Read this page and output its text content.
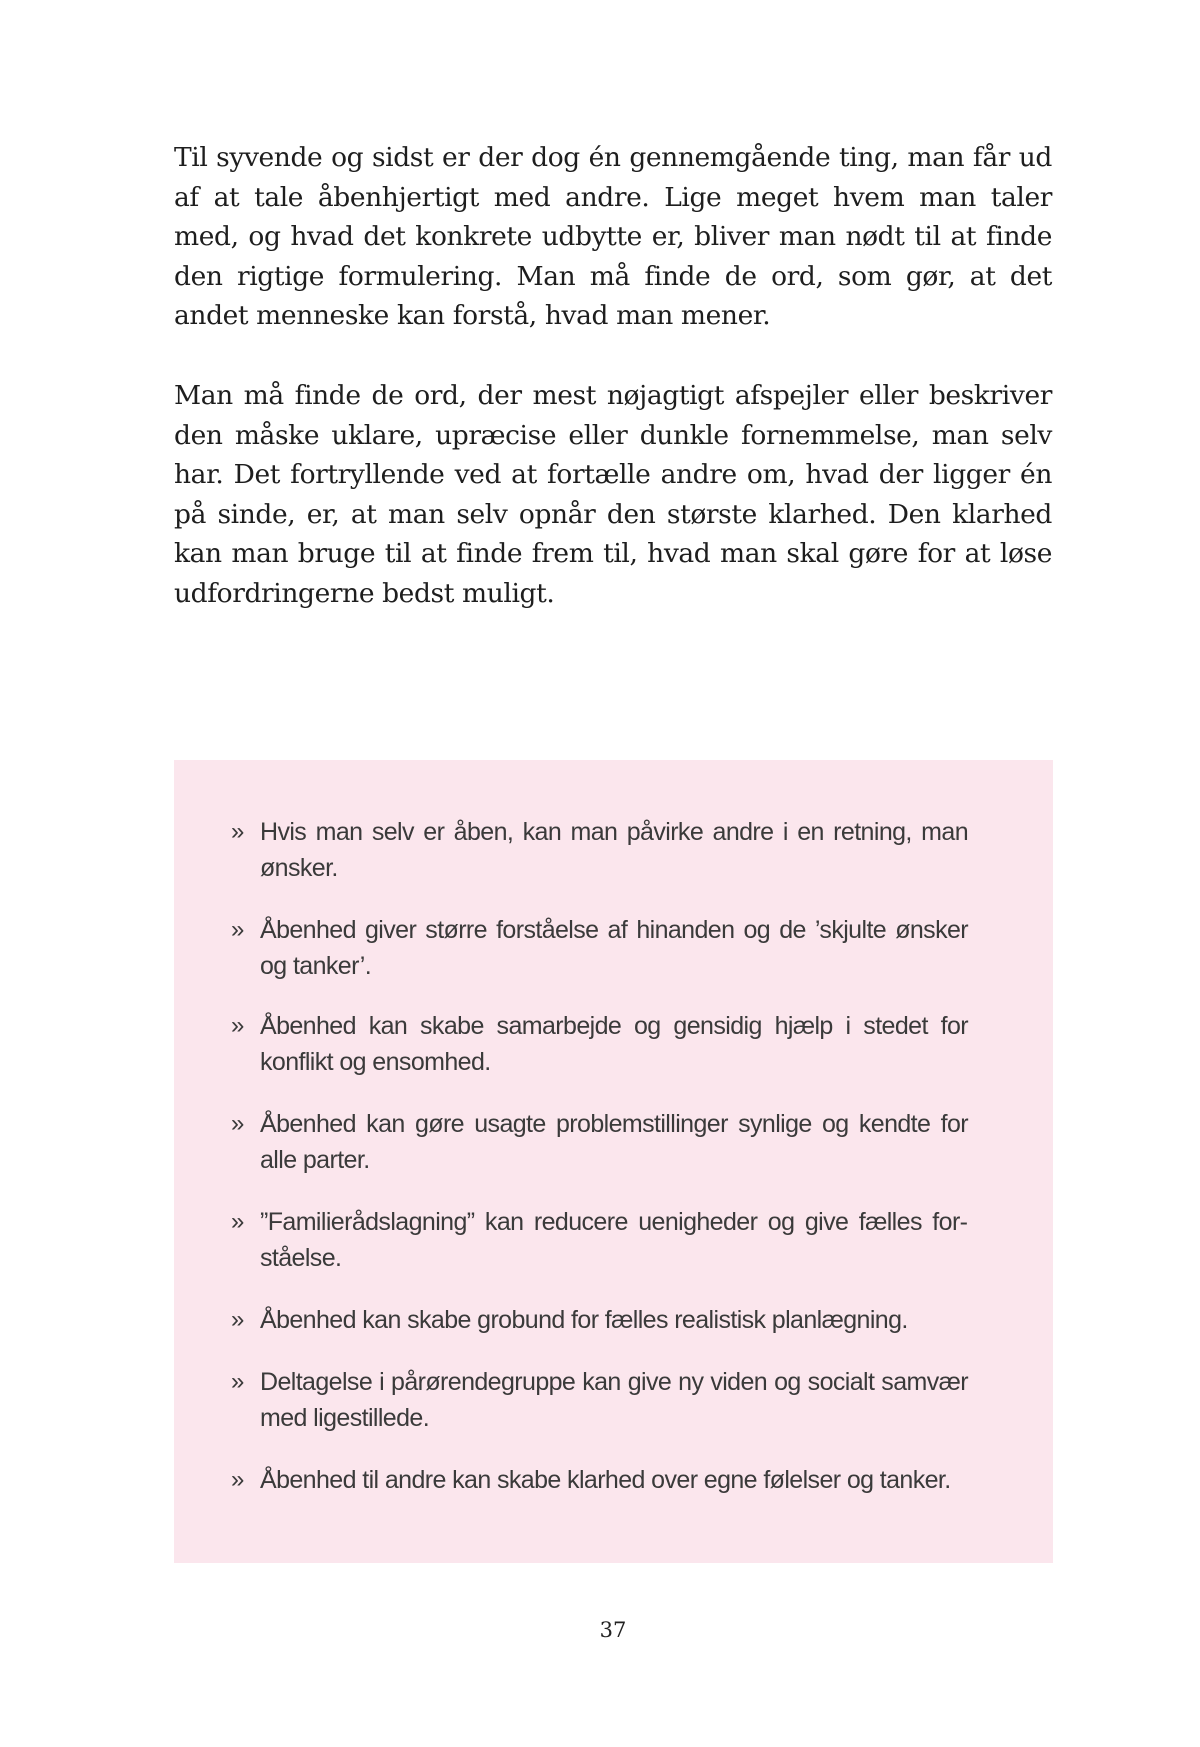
Til syvende og sidst er der dog én gennemgående ting, man får ud af at tale åbenhjertigt med andre. Lige meget hvem man taler med, og hvad det konkrete udbytte er, bliver man nødt til at finde den rigtige formulering. Man må finde de ord, som gør, at det andet menneske kan forstå, hvad man mener.

Man må finde de ord, der mest nøjagtigt afspejler eller beskriver den måske uklare, upræcise eller dunkle fornemmelse, man selv har. Det fortryllende ved at fortælle andre om, hvad der ligger én på sinde, er, at man selv opnår den største klarhed. Den klarhed kan man bruge til at finde frem til, hvad man skal gøre for at løse udfordringerne bedst muligt.

» Hvis man selv er åben, kan man påvirke andre i en retning, man ønsker.
» Åbenhed giver større forståelse af hinanden og de ’skjulte ønsker og tanker’.
» Åbenhed kan skabe samarbejde og gensidig hjælp i stedet for konflikt og ensomhed.
» Åbenhed kan gøre usagte problemstillinger synlige og kendte for alle parter.
» ”Familierådslagning” kan reducere uenigheder og give fælles forståelse.
» Åbenhed kan skabe grobund for fælles realistisk planlægning.
» Deltagelse i pårørendegruppe kan give ny viden og socialt samvær med ligestillede.
» Åbenhed til andre kan skabe klarhed over egne følelser og tanker.
37
